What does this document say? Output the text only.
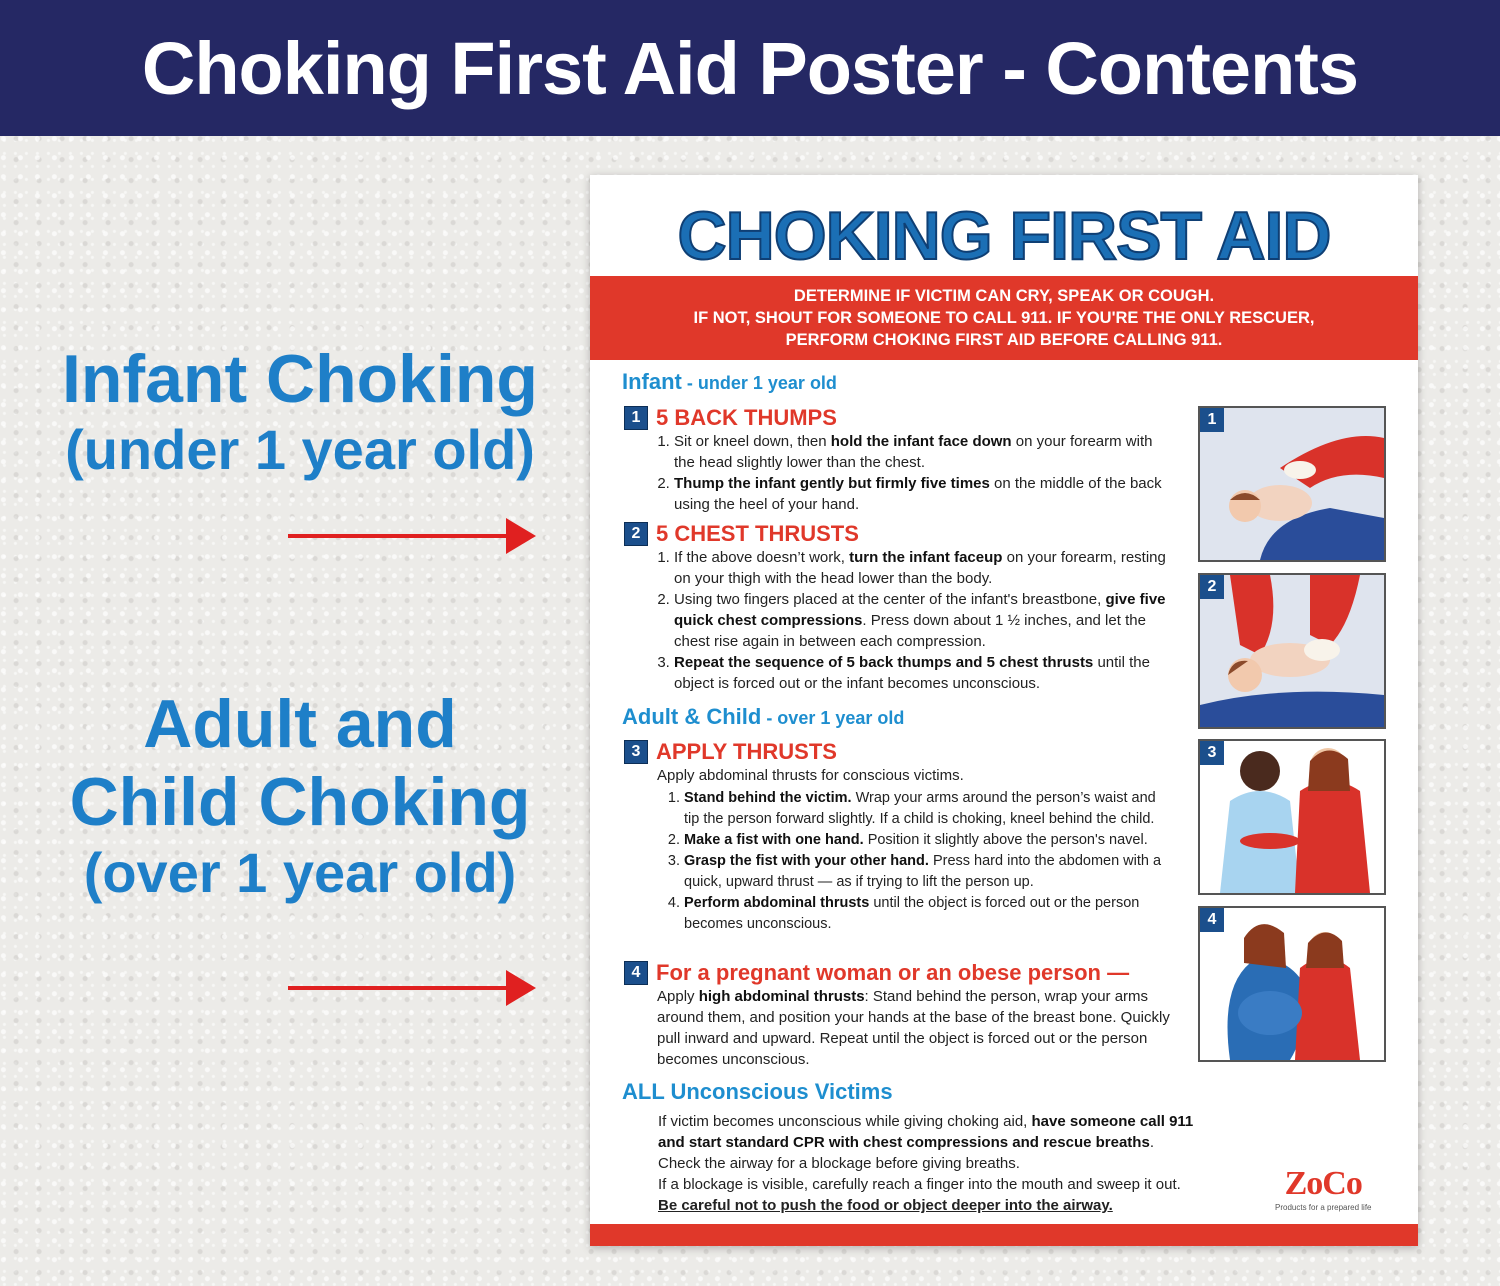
Choking First Aid Poster - Contents
Infant Choking
(under 1 year old)
Adult and
Child Choking
(over 1 year old)
CHOKING FIRST AID
DETERMINE IF VICTIM CAN CRY, SPEAK OR COUGH.
IF NOT, SHOUT FOR SOMEONE TO CALL 911. IF YOU'RE THE ONLY RESCUER,
PERFORM CHOKING FIRST AID BEFORE CALLING 911.
Infant - under 1 year old
1 5 BACK THUMPS
1. Sit or kneel down, then hold the infant face down on your forearm with the head slightly lower than the chest.
2. Thump the infant gently but firmly five times on the middle of the back using the heel of your hand.
2 5 CHEST THRUSTS
1. If the above doesn’t work, turn the infant faceup on your forearm, resting on your thigh with the head lower than the body.
2. Using two fingers placed at the center of the infant's breastbone, give five quick chest compressions. Press down about 1 ½ inches, and let the chest rise again in between each compression.
3. Repeat the sequence of 5 back thumps and 5 chest thrusts until the object is forced out or the infant becomes unconscious.
Adult & Child - over 1 year old
3 APPLY THRUSTS
Apply abdominal thrusts for conscious victims.
1. Stand behind the victim. Wrap your arms around the person’s waist and tip the person forward slightly. If a child is choking, kneel behind the child.
2. Make a fist with one hand. Position it slightly above the person's navel.
3. Grasp the fist with your other hand. Press hard into the abdomen with a quick, upward thrust — as if trying to lift the person up.
4. Perform abdominal thrusts until the object is forced out or the person becomes unconscious.
4 For a pregnant woman or an obese person —
Apply high abdominal thrusts: Stand behind the person, wrap your arms around them, and position your hands at the base of the breast bone. Quickly pull inward and upward. Repeat until the object is forced out or the person becomes unconscious.
ALL Unconscious Victims
If victim becomes unconscious while giving choking aid, have someone call 911 and start standard CPR with chest compressions and rescue breaths.
Check the airway for a blockage before giving breaths.
If a blockage is visible, carefully reach a finger into the mouth and sweep it out.
Be careful not to push the food or object deeper into the airway.
1
2
3
4
ZoCo
Products for a prepared life
